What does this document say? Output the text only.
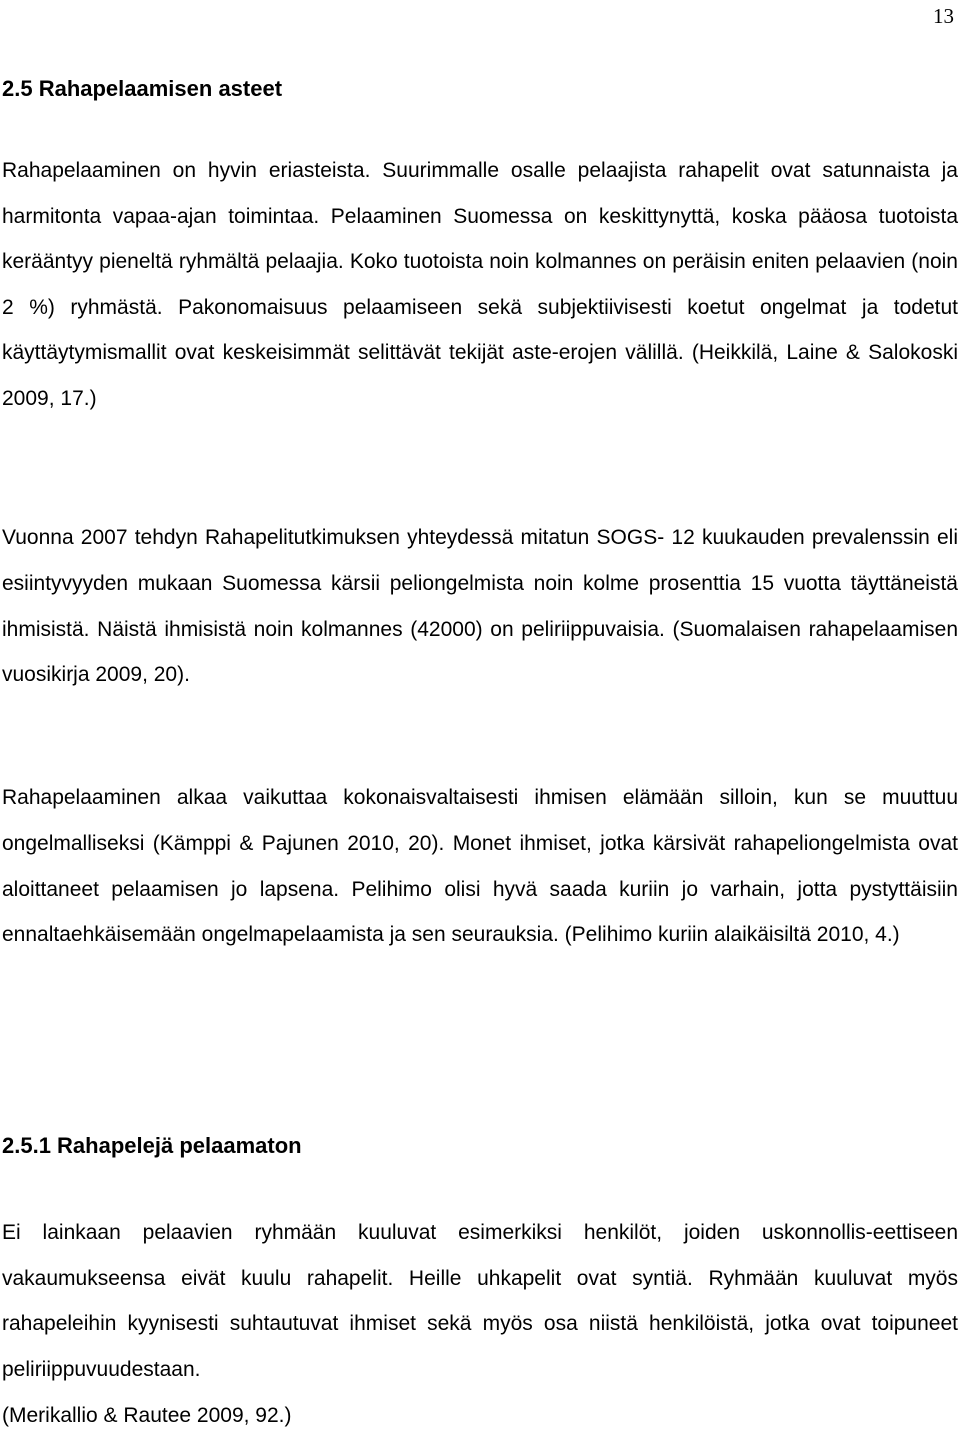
13
2.5 Rahapelaamisen asteet

Rahapelaaminen on hyvin eriasteista. Suurimmalle osalle pelaajista rahapelit ovat satunnaista ja harmitonta vapaa-ajan toimintaa. Pelaaminen Suomessa on keskittynyttä, koska pääosa tuotoista kerääntyy pieneltä ryhmältä pelaajia. Koko tuotoista noin kolmannes on peräisin eniten pelaavien (noin 2 %) ryhmästä. Pakonomaisuus pelaamiseen sekä subjektiivisesti koetut ongelmat ja todetut käyttäytymismallit ovat keskeisimmät selittävät tekijät aste-erojen välillä. (Heikkilä, Laine & Salokoski 2009, 17.)

Vuonna 2007 tehdyn Rahapelitutkimuksen yhteydessä mitatun SOGS- 12 kuukauden prevalenssin eli esiintyvyyden mukaan Suomessa kärsii peliongelmista noin kolme prosenttia 15 vuotta täyttäneistä ihmisistä. Näistä ihmisistä noin kolmannes (42000) on peliriippuvaisia. (Suomalaisen rahapelaamisen vuosikirja 2009, 20).

Rahapelaaminen alkaa vaikuttaa kokonaisvaltaisesti ihmisen elämään silloin, kun se muuttuu ongelmalliseksi (Kämppi & Pajunen 2010, 20). Monet ihmiset, jotka kärsivät rahapeliongelmista ovat aloittaneet pelaamisen jo lapsena. Pelihimo olisi hyvä saada kuriin jo varhain, jotta pystyttäisiin ennaltaehkäisemään ongelmapelaamista ja sen seurauksia. (Pelihimo kuriin alaikäisiltä 2010, 4.)

2.5.1 Rahapelejä pelaamaton

Ei lainkaan pelaavien ryhmään kuuluvat esimerkiksi henkilöt, joiden uskonnollis-eettiseen vakaumukseensa eivät kuulu rahapelit. Heille uhkapelit ovat syntiä. Ryhmään kuuluvat myös rahapeleihin kyynisesti suhtautuvat ihmiset sekä myös osa niistä henkilöistä, jotka ovat toipuneet peliriippuvuudestaan.

(Merikallio & Rautee 2009, 92.)
